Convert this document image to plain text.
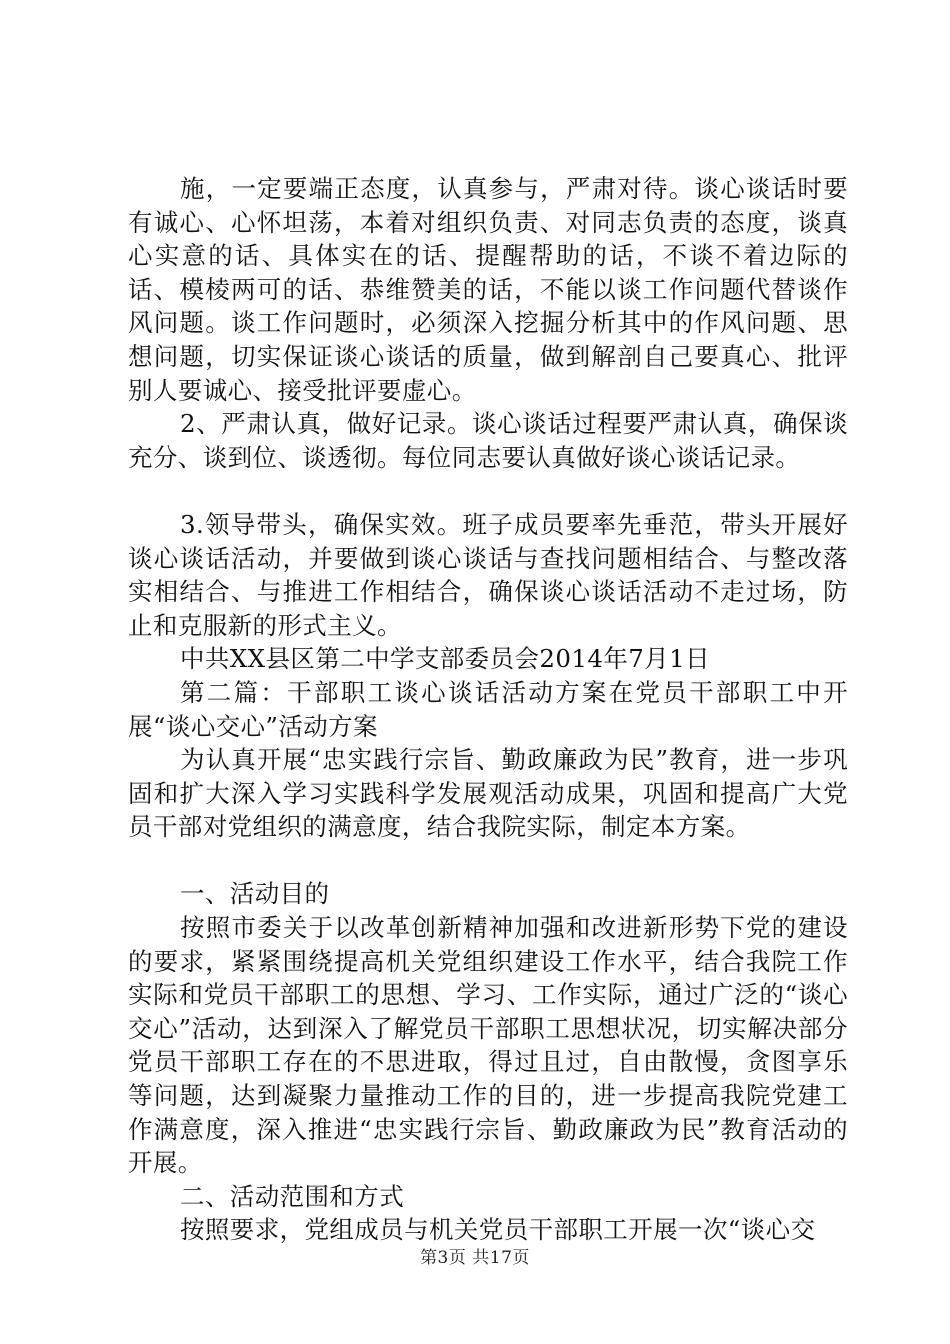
施，一定要端正态度，认真参与，严肃对待。谈心谈话时要有诚心、心怀坦荡，本着对组织负责、对同志负责的态度，谈真心实意的话、具体实在的话、提醒帮助的话，不谈不着边际的话、模棱两可的话、恭维赞美的话，不能以谈工作问题代替谈作风问题。谈工作问题时，必须深入挖掘分析其中的作风问题、思想问题，切实保证谈心谈话的质量，做到解剖自己要真心、批评别人要诚心、接受批评要虚心。

2、严肃认真，做好记录。谈心谈话过程要严肃认真，确保谈充分、谈到位、谈透彻。每位同志要认真做好谈心谈话记录。

3.领导带头，确保实效。班子成员要率先垂范，带头开展好谈心谈话活动，并要做到谈心谈话与查找问题相结合、与整改落实相结合、与推进工作相结合，确保谈心谈话活动不走过场，防止和克服新的形式主义。

中共XX县区第二中学支部委员会2014年7月1日

第二篇：干部职工谈心谈话活动方案在党员干部职工中开展“谈心交心”活动方案

为认真开展“忠实践行宗旨、勤政廉政为民”教育，进一步巩固和扩大深入学习实践科学发展观活动成果，巩固和提高广大党员干部对党组织的满意度，结合我院实际，制定本方案。

一、活动目的

按照市委关于以改革创新精神加强和改进新形势下党的建设的要求，紧紧围绕提高机关党组织建设工作水平，结合我院工作实际和党员干部职工的思想、学习、工作实际，通过广泛的“谈心交心”活动，达到深入了解党员干部职工思想状况，切实解决部分党员干部职工存在的不思进取，得过且过，自由散慢，贪图享乐等问题，达到凝聚力量推动工作的目的，进一步提高我院党建工作满意度，深入推进“忠实践行宗旨、勤政廉政为民”教育活动的开展。

二、活动范围和方式

按照要求，党组成员与机关党员干部职工开展一次“谈心交

第3页 共17页
